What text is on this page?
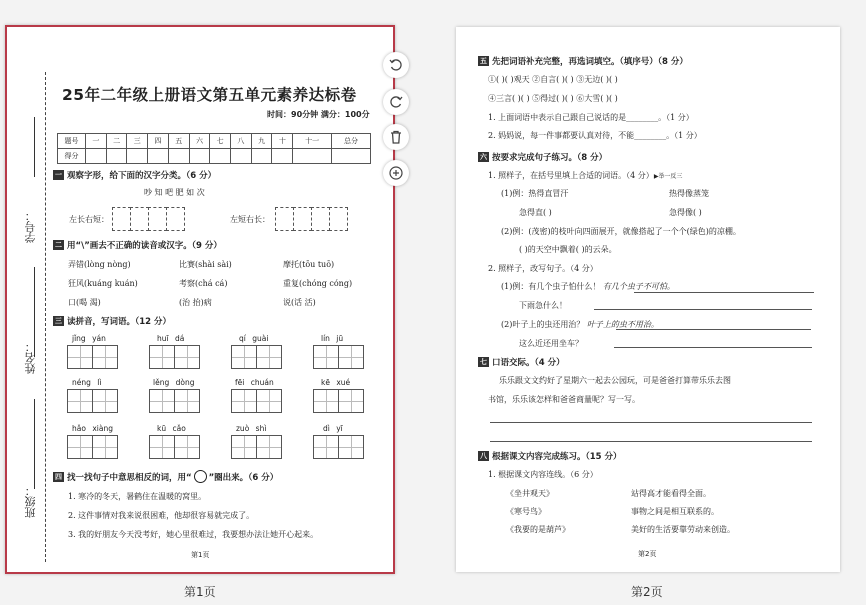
学号：
姓名：
班级：
25年二年级上册语文第五单元素养达标卷
时间：90分钟 满分：100分
题号	一	二	三	四	五	六	七	八	九	十	十一	总分
得分												
一 观察字形，给下面的汉字分类。（6 分）
吵 知 吧 肥 如 次
左长右短：	左短右长：
二 用“\”画去不正确的读音或汉字。（9 分）
弄错(lòng nòng)	比赛(shài sài)	摩托(tōu tuō)
狂风(kuáng kuán)	考察(chá cá)	重复(chóng cóng)
口(喝 渴)	(治 抬)病	说(话 活)
三 读拼音，写词语。（12 分）
jǐng yán	huī dá	qí guài	lín jū
néng lì	lěng dòng	fēi chuán	kē xué
hǎo xiàng	kū cǎo	zuò shì	dì yī
四 找一找句子中意思相反的词，用“ ”圈出来。（6 分）
1. 寒冷的冬天，暑鹤住在温暖的窝里。
2. 这件事情对我来说很困难，他却很容易就完成了。
3. 我的好朋友今天没考好，她心里很难过，我要想办法让她开心起来。
第1页
第1页
五 先把词语补充完整，再选词填空。（填序号）（8 分）
①( )( )观天 ②自言( )( ) ③无边( )( )
④三言( )( ) ⑤得过( )( ) ⑥大雪( )( )
1. 上面词语中表示自己跟自己说话的是________。（1 分）
2. 妈妈说，每一件事都要认真对待，不能________。（1 分）
六 按要求完成句子练习。（8 分）
1. 照样子，在括号里填上合适的词语。（4 分）▶举一反三
(1)例：热得直冒汗	热得像蒸笼
急得直( )	急得像( )
(2)例：(茂密)的枝叶向四面展开，就像搭起了一个个(绿色)的凉棚。
( )的天空中飘着( )的云朵。
2. 照样子，改写句子。（4 分）
(1)例：有几个虫子怕什么！ 有几个虫子不可怕。
下雨急什么！
(2)叶子上的虫还用治？ 叶子上的虫不用治。
这么近还用坐车？
七 口语交际。（4 分）
乐乐跟文文约好了星期六一起去公园玩，可是爸爸打算带乐乐去图
书馆，乐乐该怎样和爸爸商量呢？写一写。
八 根据课文内容完成练习。（15 分）
1. 根据课文内容连线。（6 分）
《坐井观天》
《寒号鸟》
《我要的是葫芦》
站得高才能看得全面。
事物之间是相互联系的。
美好的生活要靠劳动来创造。
第2页
第2页
